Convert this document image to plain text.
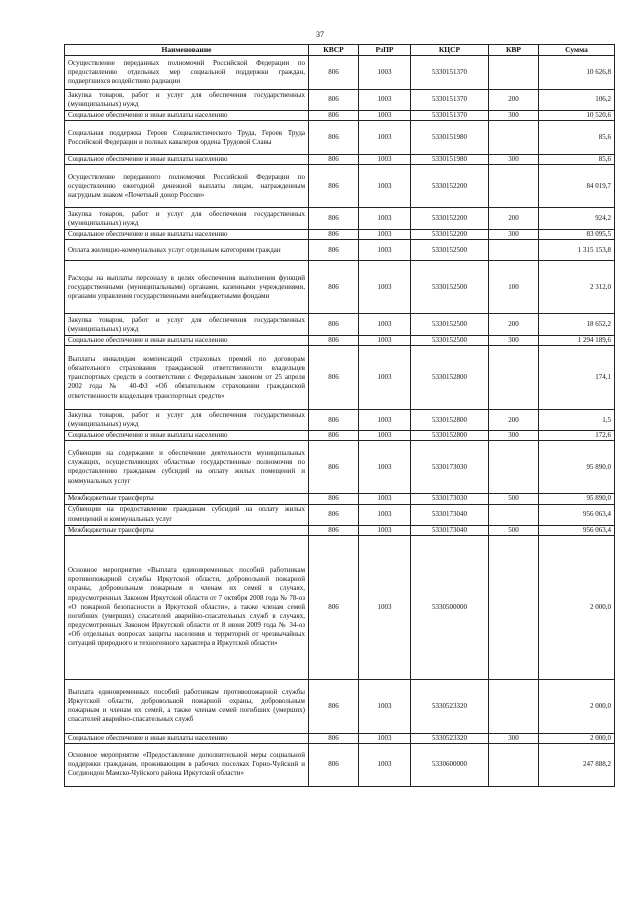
37
Наименование	КВСР	РзПР	КЦСР	КВР	Сумма
Осуществление переданных полномочий Российской Федерации по предоставлению отдельных мер социальной поддержки граждан, подвергшихся воздействию радиации	806	1003	5330151370		10 626,8
Закупка товаров, работ и услуг для обеспечения государственных (муниципальных) нужд	806	1003	5330151370	200	106,2
Социальное обеспечение и иные выплаты населению	806	1003	5330151370	300	10 520,6
Социальная поддержка Героев Социалистического Труда, Героев Труда Российской Федерации и полных кавалеров ордена Трудовой Славы	806	1003	5330151980		85,6
Социальное обеспечение и иные выплаты населению	806	1003	5330151980	300	85,6
Осуществление переданного полномочия Российской Федерации по осуществлению ежегодной денежной выплаты лицам, награжденным нагрудным знаком «Почетный донор России»	806	1003	5330152200		84 019,7
Закупка товаров, работ и услуг для обеспечения государственных (муниципальных) нужд	806	1003	5330152200	200	924,2
Социальное обеспечение и иные выплаты населению	806	1003	5330152200	300	83 095,5
Оплата жилищно-коммунальных услуг отдельным категориям граждан	806	1003	5330152500		1 315 153,8
Расходы на выплаты персоналу в целях обеспечения выполнения функций государственными (муниципальными) органами, казенными учреждениями, органами управления государственными внебюджетными фондами	806	1003	5330152500	100	2 312,0
Закупка товаров, работ и услуг для обеспечения государственных (муниципальных) нужд	806	1003	5330152500	200	18 652,2
Социальное обеспечение и иные выплаты населению	806	1003	5330152500	300	1 294 189,6
Выплаты инвалидам компенсаций страховых премий по договорам обязательного страхования гражданской ответственности владельцев транспортных средств в соответствии с Федеральным законом от 25 апреля 2002 года № 40-ФЗ «Об обязательном страховании гражданской ответственности владельцев транспортных средств»	806	1003	5330152800		174,1
Закупка товаров, работ и услуг для обеспечения государственных (муниципальных) нужд	806	1003	5330152800	200	1,5
Социальное обеспечение и иные выплаты населению	806	1003	5330152800	300	172,6
Субвенции на содержание и обеспечение деятельности муниципальных служащих, осуществляющих областные государственные полномочия по предоставлению гражданам субсидий на оплату жилых помещений и коммунальных услуг	806	1003	5330173030		95 890,0
Межбюджетные трансферты	806	1003	5330173030	500	95 890,0
Субвенции на предоставление гражданам субсидий на оплату жилых помещений и коммунальных услуг	806	1003	5330173040		956 063,4
Межбюджетные трансферты	806	1003	5330173040	500	956 063,4
Основное мероприятие «Выплата единовременных пособий работникам противопожарной службы Иркутской области, добровольной пожарной охраны, добровольным пожарным и членам их семей в случаях, предусмотренных Законом Иркутской области от 7 октября 2008 года № 78-оз «О пожарной безопасности в Иркутской области», а также членам семей погибших (умерших) спасателей аварийно-спасательных служб в случаях, предусмотренных Законом Иркутской области от 8 июня 2009 года № 34-оз «Об отдельных вопросах защиты населения и территорий от чрезвычайных ситуаций природного и техногенного характера в Иркутской области»	806	1003	5330500000		2 000,0
Выплата единовременных пособий работникам противопожарной службы Иркутской области, добровольной пожарной охраны, добровольным пожарным и членам их семей, а также членам семей погибших (умерших) спасателей аварийно-спасательных служб	806	1003	5330523320		2 000,0
Социальное обеспечение и иные выплаты населению	806	1003	5330523320	300	2 000,0
Основное мероприятие «Предоставление дополнительной меры социальной поддержки гражданам, проживающим в рабочих поселках Горно-Чуйский и Согдиондон Мамско-Чуйского района Иркутской области»	806	1003	5330600000		247 888,2
